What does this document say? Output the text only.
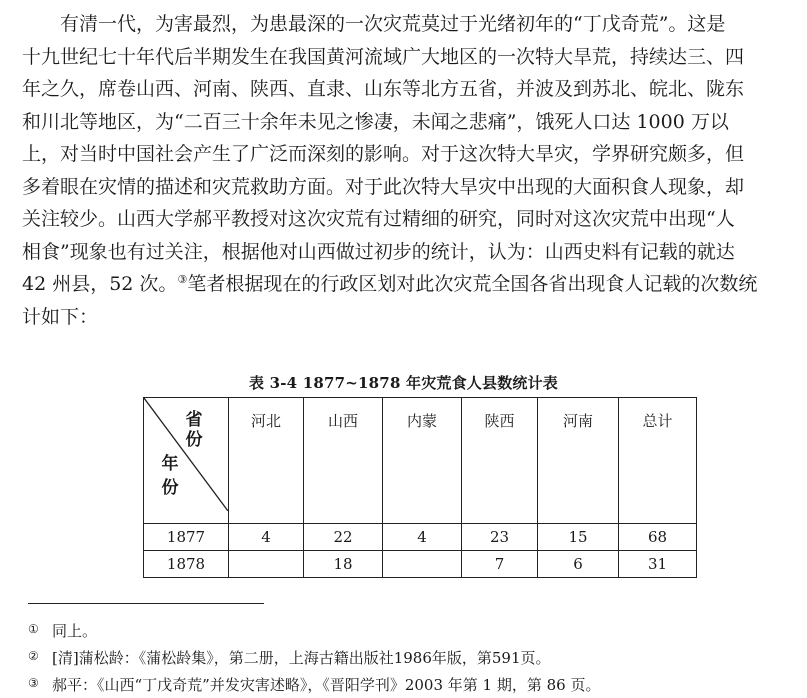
有清一代，为害最烈，为患最深的一次灾荒莫过于光绪初年的“丁戊奇荒”。这是
十九世纪七十年代后半期发生在我国黄河流域广大地区的一次特大旱荒，持续达三、四
年之久，席卷山西、河南、陕西、直隶、山东等北方五省，并波及到苏北、皖北、陇东
和川北等地区，为“二百三十余年未见之惨凄，未闻之悲痛”，饿死人口达 1000 万以
上，对当时中国社会产生了广泛而深刻的影响。对于这次特大旱灾，学界研究颇多，但
多着眼在灾情的描述和灾荒救助方面。对于此次特大旱灾中出现的大面积食人现象，却
关注较少。山西大学郝平教授对这次灾荒有过精细的研究，同时对这次灾荒中出现“人
相食”现象也有过关注，根据他对山西做过初步的统计，认为：山西史料有记载的就达
42 州县，52 次。③笔者根据现在的行政区划对此次灾荒全国各省出现食人记载的次数统
计如下：
表 3-4 1877~1878 年灾荒食人县数统计表
省
份
年
份	河北	山西	内蒙	陕西	河南	总计
1877	4	22	4	23	15	68
1878		18		7	6	31
① 同上。
② [清]蒲松龄：《蒲松龄集》，第二册，上海古籍出版社1986年版，第591页。
③ 郝平：《山西“丁戊奇荒”并发灾害述略》，《晋阳学刊》2003 年第 1 期，第 86 页。
